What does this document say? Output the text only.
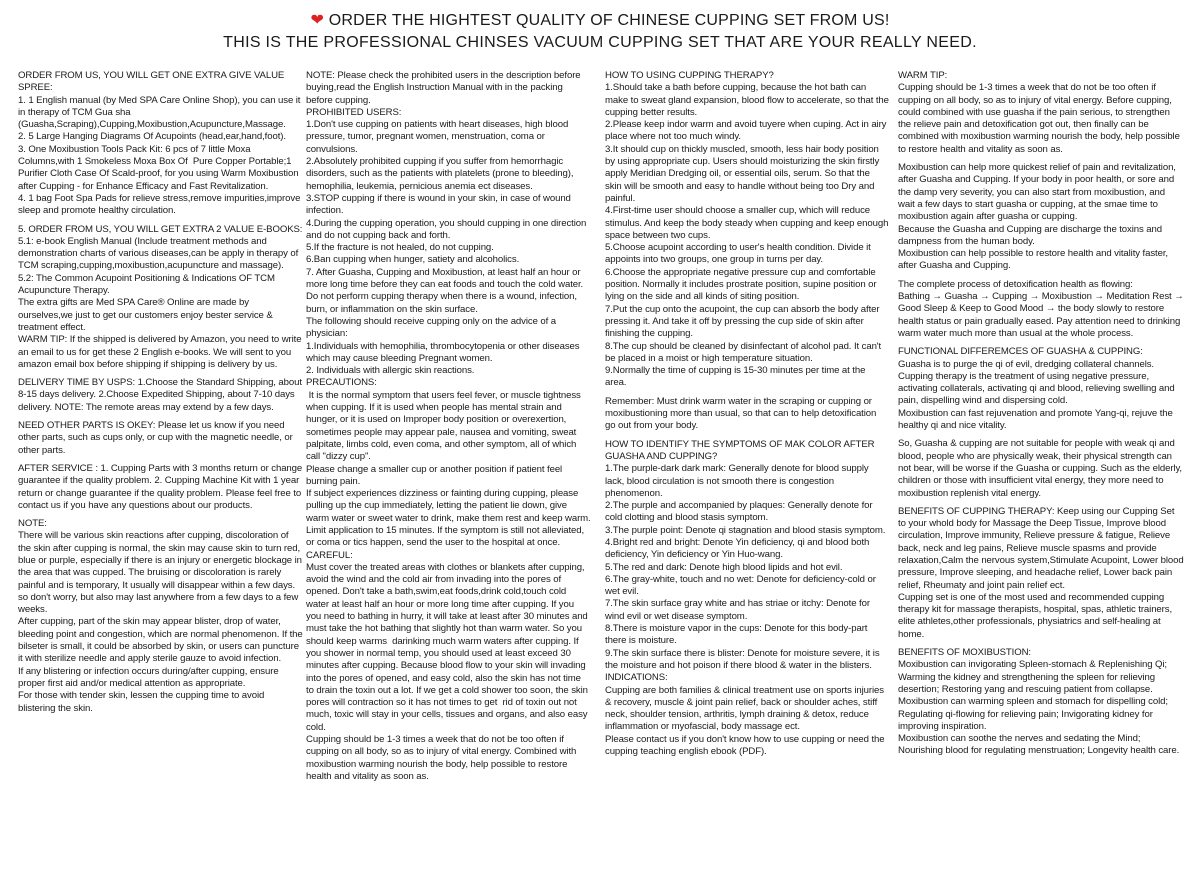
❤ ORDER THE HIGHTEST QUALITY OF CHINESE CUPPING SET FROM US!
THIS IS THE PROFESSIONAL CHINSES VACUUM CUPPING SET THAT ARE YOUR REALLY NEED.

ORDER FROM US, YOU WILL GET ONE EXTRA GIVE VALUE SPREE:
1. 1 English manual (by Med SPA Care Online Shop), you can use it in therapy of TCM Gua sha (Guasha,Scraping),Cupping,Moxibustion,Acupuncture,Massage.
2. 5 Large Hanging Diagrams Of Acupoints (head,ear,hand,foot).
3. One Moxibustion Tools Pack Kit: 6 pcs of 7 little Moxa Columns,with 1 Smokeless Moxa Box Of  Pure Copper Portable;1 Purifier Cloth Case Of Scald-proof, for you using Warm Moxibustion after Cupping - for Enhance Efficacy and Fast Revitalization.
4. 1 bag Foot Spa Pads for relieve stress,remove impurities,improve sleep and promote healthy circulation.

5. ORDER FROM US, YOU WILL GET EXTRA 2 VALUE E-BOOKS:
5.1: e-book English Manual (Include treatment methods and demonstration charts of various diseases,can be apply in therapy of TCM scraping,cupping,moxibustion,acupuncture and massage).
5.2: The Common Acupoint Positioning & Indications OF TCM Acupuncture Therapy.
The extra gifts are Med SPA Care® Online are made by ourselves,we just to get our customers enjoy bester service & treatment effect.
WARM TIP: If the shipped is delivered by Amazon, you need to write an email to us for get these 2 English e-books. We will sent to you amazon email box before shipping if shipping is delivery by us.

DELIVERY TIME BY USPS: 1.Choose the Standard Shipping, about 8-15 days delivery. 2.Choose Expedited Shipping, about 7-10 days delivery. NOTE: The remote areas may extend by a few days.

NEED OTHER PARTS IS OKEY: Please let us know if you need other parts, such as cups only, or cup with the magnetic needle, or other parts.

AFTER SERVICE : 1. Cupping Parts with 3 months return or change guarantee if the quality problem. 2. Cupping Machine Kit with 1 year return or change guarantee if the quality problem. Please feel free to contact us if you have any questions about our products.

NOTE:
There will be various skin reactions after cupping, discoloration of the skin after cupping is normal, the skin may cause skin to turn red, blue or purple, especially if there is an injury or energetic blockage in the area that was cupped. The bruising or discoloration is rarely painful and is temporary, It usually will disappear within a few days. so don't worry, but also may last anywhere from a few days to a few weeks.
After cupping, part of the skin may appear blister, drop of water, bleeding point and congestion, which are normal phenomenon. If the bilseter is small, it could be absorbed by skin, or users can puncture it with sterilize needle and apply sterile gauze to avoid infection.
If any blistering or infection occurs during/after cupping, ensure proper first aid and/or medical attention as appropriate.
For those with tender skin, lessen the cupping time to avoid blistering the skin.

NOTE: Please check the prohibited users in the description before buying,read the English Instruction Manual with in the packing before cupping.
PROHIBITED USERS:
1.Don't use cupping on patients with heart diseases, high blood pressure, tumor, pregnant women, menstruation, coma or convulsions.
2.Absolutely prohibited cupping if you suffer from hemorrhagic disorders, such as the patients with platelets (prone to bleeding), hemophilia, leukemia, pernicious anemia ect diseases.
3.STOP cupping if there is wound in your skin, in case of wound infection.
4.During the cupping operation, you should cupping in one direction and do not cupping back and forth.
5.If the fracture is not healed, do not cupping.
6.Ban cupping when hunger, satiety and alcoholics.
7. After Guasha, Cupping and Moxibustion, at least half an hour or more long time before they can eat foods and touch the cold water. Do not perform cupping therapy when there is a wound, infection, burn, or inflammation on the skin surface.
The following should receive cupping only on the advice of a physician:
1.Individuals with hemophilia, thrombocytopenia or other diseases which may cause bleeding Pregnant women.
2. Individuals with allergic skin reactions.
PRECAUTIONS:
It is the normal symptom that users feel fever, or muscle tightness when cupping. If it is used when people has mental strain and hunger, or it is used on Improper body position or overexertion, sometimes people may appear pale, nausea and vomiting, sweat palpitate, limbs cold, even coma, and other symptom, all of which call "dizzy cup".
Please change a smaller cup or another position if patient feel burning pain.
If subject experiences dizziness or fainting during cupping, please pulling up the cup immediately, letting the patient lie down, give warm water or sweet water to drink, make them rest and keep warm. Limit application to 15 minutes. If the symptom is still not alleviated, or coma or tics happen, send the user to the hospital at once.
CAREFUL:
Must cover the treated areas with clothes or blankets after cupping, avoid the wind and the cold air from invading into the pores of opened. Don't take a bath,swim,eat foods,drink cold,touch cold water at least half an hour or more long time after cupping. If you you need to bathing in hurry, it will take at least after 30 minutes and must take the hot bathing that slightly hot than warm water. So you should keep warms  darinking much warm waters after cupping. If you shower in normal temp, you should used at least exceed 30 minutes after cupping. Because blood flow to your skin will invading into the pores of opened, and easy cold, also the skin has not time to drain the toxin out a lot. If we get a cold shower too soon, the skin pores will contraction so it has not times to get  rid of toxin out not much, toxic will stay in your cells, tissues and organs, and also easy cold.
Cupping should be 1-3 times a week that do not be too often if cupping on all body, so as to injury of vital energy. Combined with moxibustion warming nourish the body, help possible to restore health and vitality as soon as.

HOW TO USING CUPPING THERAPY?
1.Should take a bath before cupping, because the hot bath can make to sweat gland expansion, blood flow to accelerate, so that the cupping better results.
2.Please keep indor warm and avoid tuyere when cuping. Act in airy place where not too much windy.
3.It should cup on thickly muscled, smooth, less hair body position by using appropriate cup. Users should moisturizing the skin firstly apply Meridian Dredging oil, or essential oils, serum. So that the skin will be smooth and easy to handle without being too Dry and painful.
4.First-time user should choose a smaller cup, which will reduce stimulus. And keep the body steady when cupping and keep enough space between two cups.
5.Choose acupoint according to user's health condition. Divide it appoints into two groups, one group in turns per day.
6.Choose the appropriate negative pressure cup and comfortable position. Normally it includes prostrate position, supine position or lying on the side and all kinds of siting position.
7.Put the cup onto the acupoint, the cup can absorb the body after pressing it. And take it off by pressing the cup side of skin after finishing the cupping.
8.The cup should be cleaned by disinfectant of alcohol pad. It can't be placed in a moist or high temperature situation.
9.Normally the time of cupping is 15-30 minutes per time at the area.

Remember: Must drink warm water in the scraping or cupping or moxibustioning more than usual, so that can to help detoxification go out from your body.

HOW TO IDENTIFY THE SYMPTOMS OF MAK COLOR AFTER GUASHA AND CUPPING?
1.The purple-dark dark mark: Generally denote for blood supply lack, blood circulation is not smooth there is congestion phenomenon.
2.The purple and accompanied by plaques: Generally denote for cold clotting and blood stasis symptom.
3.The purple point: Denote qi stagnation and blood stasis symptom.
4.Bright red and bright: Denote Yin deficiency, qi and blood both deficiency, Yin deficiency or Yin Huo-wang.
5.The red and dark: Denote high blood lipids and hot evil.
6.The gray-white, touch and no wet: Denote for deficiency-cold or wet evil.
7.The skin surface gray white and has striae or itchy: Denote for wind evil or wet disease symptom.
8.There is moisture vapor in the cups: Denote for this body-part there is moisture.
9.The skin surface there is blister: Denote for moisture severe, it is the moisture and hot poison if there blood & water in the blisters.
INDICATIONS:
Cupping are both families & clinical treatment use on sports injuries & recovery, muscle & joint pain relief, back or shoulder aches, stiff neck, shoulder tension, arthritis, lymph draining & detox, reduce inflammation or myofascial, body massage ect.
Please contact us if you don't know how to use cupping or need the cupping teaching english ebook (PDF).

WARM TIP:
Cupping should be 1-3 times a week that do not be too often if cupping on all body, so as to injury of vital energy. Before cupping, could combined with use guasha if the pain serious, to strengthen the relieve pain and detoxification got out, then finally can be combined with moxibustion warming nourish the body, help possible to restore health and vitality as soon as.

Moxibustion can help more quickest relief of pain and revitalization, after Guasha and Cupping. If your body in poor health, or sore and the damp very severity, you can also start from moxibustion, and wait a few days to start guasha or cupping, at the smae time to moxibustion again after guasha or cupping.
Because the Guasha and Cupping are discharge the toxins and dampness from the human body.
Moxibustion can help possible to restore health and vitality faster, after Guasha and Cupping.

The complete process of detoxification health as flowing:
Bathing → Guasha → Cupping → Moxibustion → Meditation Rest → Good Sleep & Keep to Good Mood → the body slowly to restore health status or pain gradually eased. Pay attention need to drinking warm water much more than usual at the whole process.

FUNCTIONAL DIFFEREMCES OF GUASHA & CUPPING:
Guasha is to purge the qi of evil, dredging collateral channels.
Cupping therapy is the treatment of using negative pressure, activating collaterals, activating qi and blood, relieving swelling and pain, dispelling wind and dispersing cold.
Moxibustion can fast rejuvenation and promote Yang-qi, rejuve the healthy qi and nice vitality.

So, Guasha & cupping are not suitable for people with weak qi and blood, people who are physically weak, their physical strength can not bear, will be worse if the Guasha or cupping. Such as the elderly, children or those with insufficient vital energy, they more need to moxibustion replenish vital energy.

BENEFITS OF CUPPING THERAPY: Keep using our Cupping Set to your whold body for Massage the Deep Tissue, Improve blood circulation, Improve immunity, Relieve pressure & fatigue, Relieve back, neck and leg pains, Relieve muscle spasms and provide relaxation,Calm the nervous system,Stimulate Acupoint, Lower blood pressure, Improve sleeping, and headache relief, Lower back pain relief, Rheumaty and joint pain relief ect.
Cupping set is one of the most used and recommended cupping therapy kit for massage therapists, hospital, spas, athletic trainers, elite athletes,other professionals, physiatrics and self-healing at home.

BENEFITS OF MOXIBUSTION:
Moxibustion can invigorating Spleen-stomach & Replenishing Qi; Warming the kidney and strengthening the spleen for relieving desertion; Restoring yang and rescuing patient from collapse.
Moxibustion can warming spleen and stomach for dispelling cold; Regulating qi-flowing for relieving pain; Invigorating kidney for improving inspiration.
Moxibustion can soothe the nerves and sedating the Mind; Nourishing blood for regulating menstruation; Longevity health care.
